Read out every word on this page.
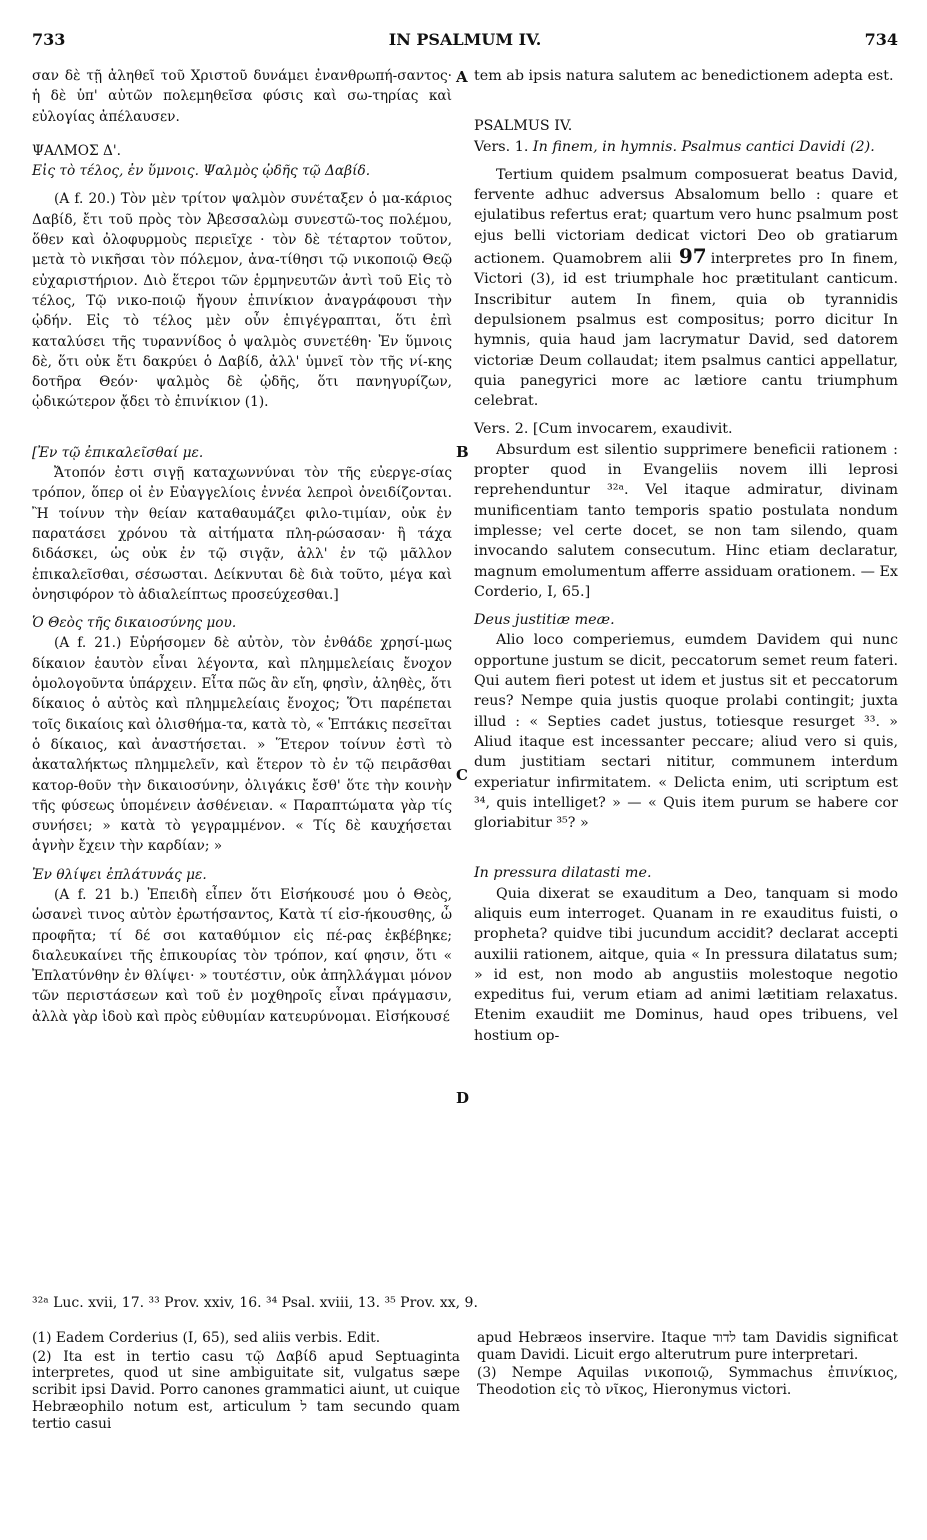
733	IN PSALMUM IV.	734
A
B
C
D

σαν δὲ τῇ ἀληθεῖ τοῦ Χριστοῦ δυνάμει ἐνανθρωπή-σαντος· ἡ δὲ ὑπ' αὐτῶν πολεμηθεῖσα φύσις καὶ σω-τηρίας καὶ εὐλογίας ἀπέλαυσεν.

ΨΑΛΜΟΣ Δ'.

Εἰς τὸ τέλος, ἐν ὕμνοις. Ψαλμὸς ᾠδῆς τῷ Δαβίδ.

(A f. 20.) Τὸν μὲν τρίτον ψαλμὸν συνέταξεν ὁ μα-κάριος Δαβίδ, ἔτι τοῦ πρὸς τὸν Ἀβεσσαλὼμ συνεστῶ-τος πολέμου, ὅθεν καὶ ὀλοφυρμοὺς περιεῖχε · τὸν δὲ τέταρτον τοῦτον, μετὰ τὸ νικῆσαι τὸν πόλεμον, ἀνα-τίθησι τῷ νικοποιῷ Θεῷ εὐχαριστήριον. Διὸ ἕτεροι τῶν ἑρμηνευτῶν ἀντὶ τοῦ Εἰς τὸ τέλος, Τῷ νικο-ποιῷ ἤγουν ἐπινίκιον ἀναγράφουσι τὴν ᾠδήν. Εἰς τὸ τέλος μὲν οὖν ἐπιγέγραπται, ὅτι ἐπὶ καταλύσει τῆς τυραννίδος ὁ ψαλμὸς συνετέθη· Ἐν ὕμνοις δὲ, ὅτι οὐκ ἔτι δακρύει ὁ Δαβίδ, ἀλλ' ὑμνεῖ τὸν τῆς νί-κης δοτῆρα Θεόν· ψαλμὸς δὲ ᾠδῆς, ὅτι πανηγυρίζων, ᾠδικώτερον ᾄδει τὸ ἐπινίκιον (1).

[Ἐν τῷ ἐπικαλεῖσθαί με.

Ἄτοπόν ἐστι σιγῇ καταχωννύναι τὸν τῆς εὐεργε-σίας τρόπον, ὅπερ οἱ ἐν Εὐαγγελίοις ἐννέα λεπροὶ ὀνειδίζονται. Ἢ τοίνυν τὴν θείαν καταθαυμάζει φιλο-τιμίαν, οὐκ ἐν παρατάσει χρόνου τὰ αἰτήματα πλη-ρώσασαν· ἢ τάχα διδάσκει, ὡς οὐκ ἐν τῷ σιγᾷν, ἀλλ' ἐν τῷ μᾶλλον ἐπικαλεῖσθαι, σέσωσται. Δείκνυται δὲ διὰ τοῦτο, μέγα καὶ ὀνησιφόρον τὸ ἀδιαλείπτως προσεύχεσθαι.]

Ὁ Θεὸς τῆς δικαιοσύνης μου.

(A f. 21.) Εὑρήσομεν δὲ αὐτὸν, τὸν ἐνθάδε χρησί-μως δίκαιον ἑαυτὸν εἶναι λέγοντα, καὶ πλημμελείαις ἔνοχον ὁμολογοῦντα ὑπάρχειν. Εἶτα πῶς ἂν εἴη, φησὶν, ἀληθὲς, ὅτι δίκαιος ὁ αὐτὸς καὶ πλημμελείαις ἔνοχος; Ὅτι παρέπεται τοῖς δικαίοις καὶ ὀλισθήμα-τα, κατὰ τὸ, « Ἑπτάκις πεσεῖται ὁ δίκαιος, καὶ ἀναστήσεται. » Ἕτερον τοίνυν ἐστὶ τὸ ἀκαταλήκτως πλημμελεῖν, καὶ ἕτερον τὸ ἐν τῷ πειρᾶσθαι κατορ-θοῦν τὴν δικαιοσύνην, ὀλιγάκις ἔσθ' ὅτε τὴν κοινὴν τῆς φύσεως ὑπομένειν ἀσθένειαν. « Παραπτώματα γὰρ τίς συνήσει; » κατὰ τὸ γεγραμμένον. « Τίς δὲ καυχήσεται ἁγνὴν ἔχειν τὴν καρδίαν; »

Ἐν θλίψει ἐπλάτυνάς με.

(A f. 21 b.) Ἐπειδὴ εἶπεν ὅτι Εἰσήκουσέ μου ὁ Θεὸς, ὡσανεὶ τινος αὐτὸν ἐρωτήσαντος, Κατὰ τί εἰσ-ήκουσθης, ὦ προφῆτα; τί δέ σοι καταθύμιον εἰς πέ-ρας ἐκβέβηκε; διαλευκαίνει τῆς ἐπικουρίας τὸν τρόπον, καί φησιν, ὅτι « Ἐπλατύνθην ἐν θλίψει· » τουτέστιν, οὐκ ἀπηλλάγμαι μόνον τῶν περιστάσεων καὶ τοῦ ἐν μοχθηροῖς εἶναι πράγμασιν, ἀλλὰ γὰρ ἰδοὺ καὶ πρὸς εὐθυμίαν κατευρύνομαι. Εἰσήκουσέ

tem ab ipsis natura salutem ac benedictionem adepta est.

PSALMUS IV.

Vers. 1. In finem, in hymnis. Psalmus cantici Davidi (2).

Tertium quidem psalmum composuerat beatus David, fervente adhuc adversus Absalomum bello : quare et ejulatibus refertus erat; quartum vero hunc psalmum post ejus belli victoriam dedicat victori Deo ob gratiarum actionem. Quamobrem alii 97 interpretes pro In finem, Victori (3), id est triumphale hoc prætitulant canticum. Inscribitur autem In finem, quia ob tyrannidis depulsionem psalmus est compositus; porro dicitur In hymnis, quia haud jam lacrymatur David, sed datorem victoriæ Deum collaudat; item psalmus cantici appellatur, quia panegyrici more ac lætiore cantu triumphum celebrat.

Vers. 2. [Cum invocarem, exaudivit.

Absurdum est silentio supprimere beneficii rationem : propter quod in Evangeliis novem illi leprosi reprehenduntur ³²ᵃ. Vel itaque admiratur, divinam munificentiam tanto temporis spatio postulata nondum implesse; vel certe docet, se non tam silendo, quam invocando salutem consecutum. Hinc etiam declaratur, magnum emolumentum afferre assiduam orationem. — Ex Corderio, I, 65.]

Deus justitiæ meæ.

Alio loco comperiemus, eumdem Davidem qui nunc opportune justum se dicit, peccatorum semet reum fateri. Qui autem fieri potest ut idem et justus sit et peccatorum reus? Nempe quia justis quoque prolabi contingit; juxta illud : « Septies cadet justus, totiesque resurget ³³. » Aliud itaque est incessanter peccare; aliud vero si quis, dum justitiam sectari nititur, communem interdum experiatur infirmitatem. « Delicta enim, uti scriptum est ³⁴, quis intelliget? » — « Quis item purum se habere cor gloriabitur ³⁵? »

In pressura dilatasti me.

Quia dixerat se exauditum a Deo, tanquam si modo aliquis eum interroget. Quanam in re exauditus fuisti, o propheta? quidve tibi jucundum accidit? declarat accepti auxilii rationem, aitque, quia « In pressura dilatatus sum; » id est, non modo ab angustiis molestoque negotio expeditus fui, verum etiam ad animi lætitiam relaxatus. Etenim exaudiit me Dominus, haud opes tribuens, vel hostium op-

³²ᵃ Luc. xvii, 17. ³³ Prov. xxiv, 16. ³⁴ Psal. xviii, 13. ³⁵ Prov. xx, 9.

(1) Eadem Corderius (I, 65), sed aliis verbis. Edit.

(2) Ita est in tertio casu τῷ Δαβίδ apud Septuaginta interpretes, quod ut sine ambiguitate sit, vulgatus sæpe scribit ipsi David. Porro canones grammatici aiunt, ut cuique Hebræophilo notum est, articulum ל tam secundo quam tertio casui

apud Hebræos inservire. Itaque לדוד tam Davidis significat quam Davidi. Licuit ergo alterutrum pure interpretari.

(3) Nempe Aquilas νικοποιῷ, Symmachus ἐπινίκιος, Theodotion εἰς τὸ νῖκος, Hieronymus victori.
